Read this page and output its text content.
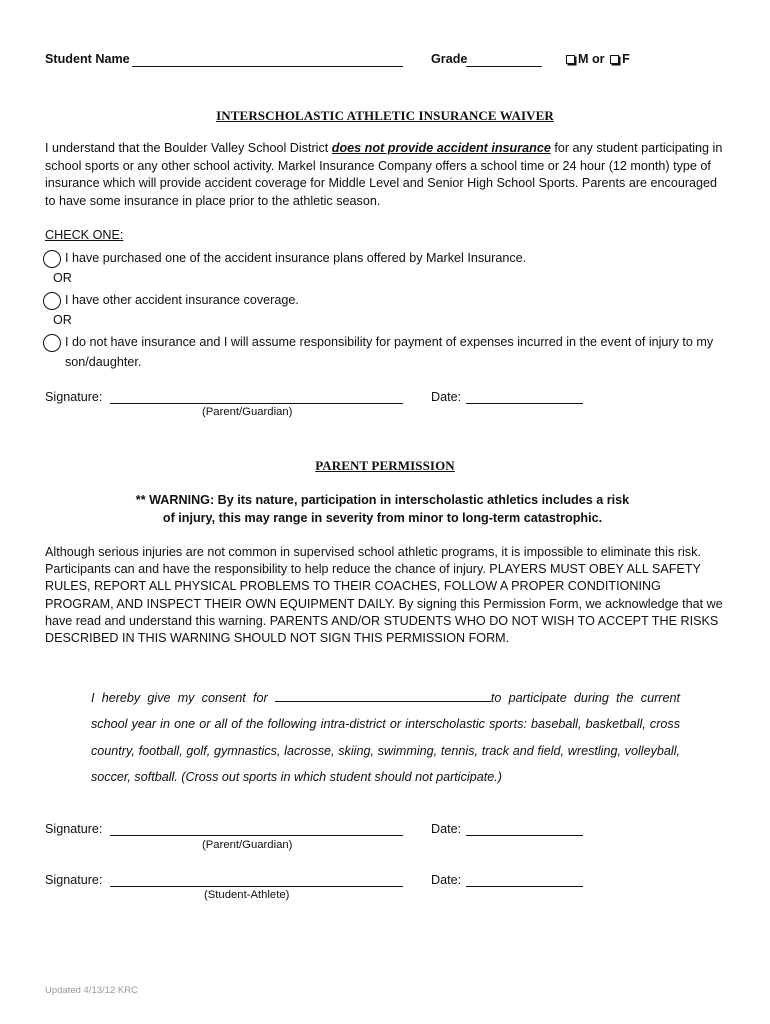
Student Name	Grade	M or F
INTERSCHOLASTIC ATHLETIC INSURANCE WAIVER
I understand that the Boulder Valley School District does not provide accident insurance for any student participating in school sports or any other school activity. Markel Insurance Company offers a school time or 24 hour (12 month) type of insurance which will provide accident coverage for Middle Level and Senior High School Sports. Parents are encouraged to have some insurance in place prior to the athletic season.
CHECK ONE:
I have purchased one of the accident insurance plans offered by Markel Insurance.
OR
I have other accident insurance coverage.
OR
I do not have insurance and I will assume responsibility for payment of expenses incurred in the event of injury to my
son/daughter.
Signature:
(Parent/Guardian)
Date:
PARENT PERMISSION
** WARNING: By its nature, participation in interscholastic athletics includes a risk
of injury, this may range in severity from minor to long-term catastrophic.
Although serious injuries are not common in supervised school athletic programs, it is impossible to eliminate this risk. Participants can and have the responsibility to help reduce the chance of injury. PLAYERS MUST OBEY ALL SAFETY RULES, REPORT ALL PHYSICAL PROBLEMS TO THEIR COACHES, FOLLOW A PROPER CONDITIONING PROGRAM, AND INSPECT THEIR OWN EQUIPMENT DAILY. By signing this Permission Form, we acknowledge that we have read and understand this warning. PARENTS AND/OR STUDENTS WHO DO NOT WISH TO ACCEPT THE RISKS DESCRIBED IN THIS WARNING SHOULD NOT SIGN THIS PERMISSION FORM.
I hereby give my consent for	to participate during the current school year in one or all of the following intra-district or interscholastic sports: baseball, basketball, cross country, football, golf, gymnastics, lacrosse, skiing, swimming, tennis, track and field, wrestling, volleyball, soccer, softball. (Cross out sports in which student should not participate.)
Signature:
(Parent/Guardian)
Date:
Signature:
(Student-Athlete)
Date:
Updated 4/13/12 KRC
